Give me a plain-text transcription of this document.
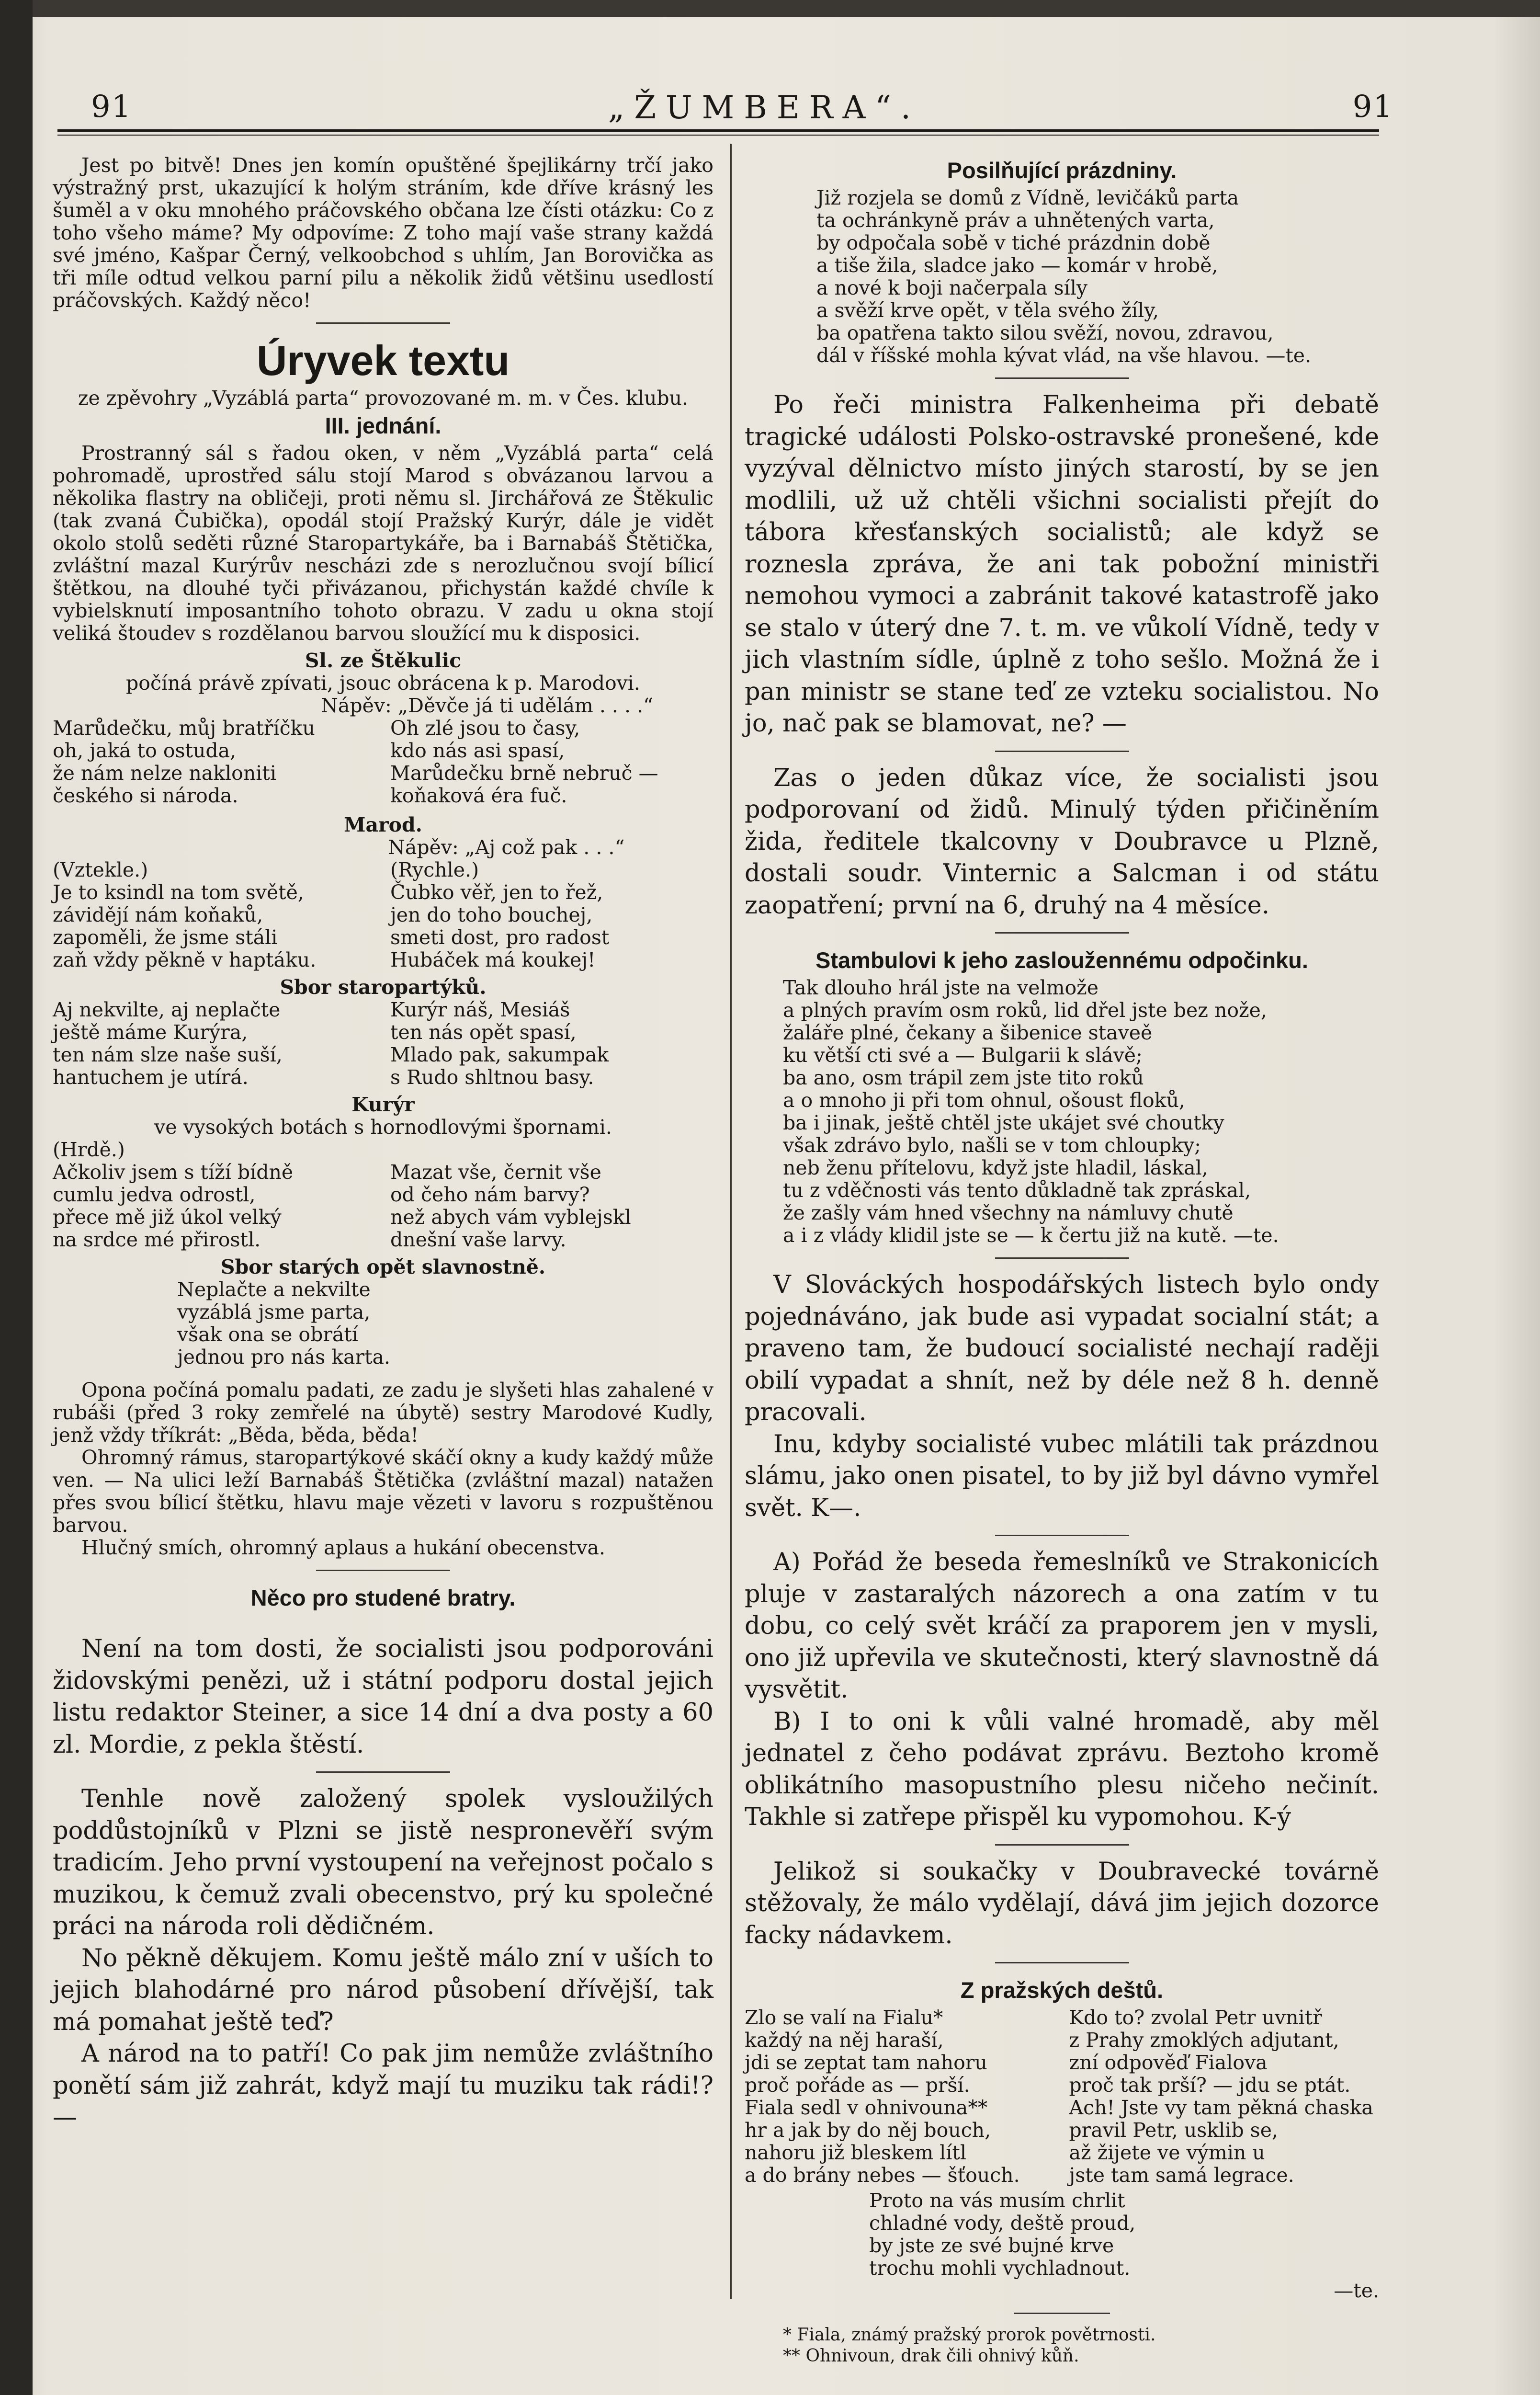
91	„ŽUMBERA“.	91

Jest po bitvě! Dnes jen komín opuštěné špejlikárny trčí jako výstražný prst, ukazující k holým stráním, kde dříve krásný les šuměl a v oku mnohého práčovského občana lze čísti otázku: Co z toho všeho máme? My odpovíme: Z toho mají vaše strany každá své jméno, Kašpar Černý, velkoobchod s uhlím, Jan Borovička as tři míle odtud velkou parní pilu a několik židů většinu usedlostí práčovských. Každý něco!

Úryvek textu

ze zpěvohry „Vyzáblá parta“ provozované m. m. v Čes. klubu.

III. jednání.

Prostranný sál s řadou oken, v něm „Vyzáblá parta“ celá pohromadě, uprostřed sálu stojí Marod s obvázanou larvou a několika flastry na obličeji, proti němu sl. Jirchářová ze Štěkulic (tak zvaná Čubička), opodál stojí Pražský Kurýr, dále je vidět okolo stolů seděti různé Staropartykáře, ba i Barnabáš Štětička, zvláštní mazal Kurýrův nescházi zde s nerozlučnou svojí bílicí štětkou, na dlouhé tyči přivázanou, přichystán každé chvíle k vybielsknutí imposantního tohoto obrazu. V zadu u okna stojí veliká štoudev s rozdělanou barvou sloužící mu k disposici.

Sl. ze Štěkulic

počíná právě zpívati, jsouc obrácena k p. Marodovi.

Nápěv: „Děvče já ti udělám . . . .“

Marůdečku, můj bratříčku

oh, jaká to ostuda,

že nám nelze nakloniti

českého si národa.

Oh zlé jsou to časy,

kdo nás asi spasí,

Marůdečku brně nebruč —

koňaková éra fuč.

Marod.

Nápěv: „Aj což pak . . .“

(Vztekle.)

Je to ksindl na tom světě,

závidějí nám koňaků,

zapoměli, že jsme stáli

zaň vždy pěkně v haptáku.

(Rychle.)

Čubko věř, jen to řež,

jen do toho bouchej,

smeti dost, pro radost

Hubáček má koukej!

Sbor staropartýků.

Aj nekvilte, aj neplačte

ještě máme Kurýra,

ten nám slze naše suší,

hantuchem je utírá.

Kurýr náš, Mesiáš

ten nás opět spasí,

Mlado pak, sakumpak

s Rudo shltnou basy.

Kurýr

ve vysokých botách s hornodlovými špornami.

(Hrdě.)

Ačkoliv jsem s tíží bídně

cumlu jedva odrostl,

přece mě již úkol velký

na srdce mé přirostl.

Mazat vše, černit vše

od čeho nám barvy?

než abych vám vyblejskl

dnešní vaše larvy.

Sbor starých opět slavnostně.

Neplačte a nekvilte

vyzáblá jsme parta,

však ona se obrátí

jednou pro nás karta.

Opona počíná pomalu padati, ze zadu je slyšeti hlas zahalené v rubáši (před 3 roky zemřelé na úbytě) sestry Marodové Kudly, jenž vždy tříkrát: „Běda, běda, běda!

Ohromný rámus, staropartýkové skáčí okny a kudy každý může ven. — Na ulici leží Barnabáš Štětička (zvláštní mazal) natažen přes svou bílicí štětku, hlavu maje vězeti v lavoru s rozpuštěnou barvou.

Hlučný smích, ohromný aplaus a hukání obecenstva.

Něco pro studené bratry.

Není na tom dosti, že socialisti jsou podporováni židovskými penězi, už i státní podporu dostal jejich listu redaktor Steiner, a sice 14 dní a dva posty a 60 zl. Mordie, z pekla štěstí.

Tenhle nově založený spolek vysloužilých poddůstojníků v Plzni se jistě nespronevěří svým tradicím. Jeho první vystoupení na veřejnost počalo s muzikou, k čemuž zvali obecenstvo, prý ku společné práci na národa roli dědičném.

No pěkně děkujem. Komu ještě málo zní v uších to jejich blahodárné pro národ působení dřívější, tak má pomahat ještě teď?

A národ na to patří! Co pak jim nemůže zvláštního ponětí sám již zahrát, když mají tu muziku tak rádi!? —

Posilňující prázdniny.

Již rozjela se domů z Vídně, levičáků parta

ta ochránkyně práv a uhnětených varta,

by odpočala sobě v tiché prázdnin době

a tiše žila, sladce jako — komár v hrobě,

a nové k boji načerpala síly

a svěží krve opět, v těla svého žíly,

ba opatřena takto silou svěží, novou, zdravou,

dál v říšské mohla kývat vlád, na vše hlavou. —te.

Po řeči ministra Falkenheima při debatě tragické události Polsko-ostravské pronešené, kde vyzýval dělnictvo místo jiných starostí, by se jen modlili, už už chtěli všichni socialisti přejít do tábora křesťanských socialistů; ale když se roznesla zpráva, že ani tak pobožní ministři nemohou vymoci a zabránit takové katastrofě jako se stalo v úterý dne 7. t. m. ve vůkolí Vídně, tedy v jich vlastním sídle, úplně z toho sešlo. Možná že i pan ministr se stane teď ze vzteku socialistou. No jo, nač pak se blamovat, ne? —

Zas o jeden důkaz více, že socialisti jsou podporovaní od židů. Minulý týden přičiněním žida, ředitele tkalcovny v Doubravce u Plzně, dostali soudr. Vinternic a Salcman i od státu zaopatření; první na 6, druhý na 4 měsíce.

Stambulovi k jeho zasloužennému odpočinku.

Tak dlouho hrál jste na velmože

a plných pravím osm roků, lid dřel jste bez nože,

žaláře plné, čekany a šibenice staveě

ku větší cti své a — Bulgarii k slávě;

ba ano, osm trápil zem jste tito roků

a o mnoho ji při tom ohnul, ošoust floků,

ba i jinak, ještě chtěl jste ukájet své choutky

však zdrávo bylo, našli se v tom chloupky;

neb ženu přítelovu, když jste hladil, láskal,

tu z vděčnosti vás tento důkladně tak zpráskal,

že zašly vám hned všechny na námluvy chutě

a i z vlády klidil jste se — k čertu již na kutě. —te.

V Slováckých hospodářských listech bylo ondy pojednáváno, jak bude asi vypadat socialní stát; a praveno tam, že budoucí socialisté nechají raději obilí vypadat a shnít, než by déle než 8 h. denně pracovali.

Inu, kdyby socialisté vubec mlátili tak prázdnou slámu, jako onen pisatel, to by již byl dávno vymřel svět. K—.

A) Pořád že beseda řemeslníků ve Strakonicích pluje v zastaralých názorech a ona zatím v tu dobu, co celý svět kráčí za praporem jen v mysli, ono již upřevila ve skutečnosti, který slavnostně dá vysvětit.

B) I to oni k vůli valné hromadě, aby měl jednatel z čeho podávat zprávu. Beztoho kromě oblikátního masopustního plesu ničeho nečinít. Takhle si zatřepe přispěl ku vypomohou. K-ý

Jelikož si soukačky v Doubravecké továrně stěžovaly, že málo vydělají, dává jim jejich dozorce facky nádavkem.

Z pražských deštů.

Zlo se valí na Fialu*

každý na něj haraší,

jdi se zeptat tam nahoru

proč pořáde as — prší.

Fiala sedl v ohnivouna**

hr a jak by do něj bouch,

nahoru již bleskem lítl

a do brány nebes — šťouch.

Kdo to? zvolal Petr uvnitř

z Prahy zmoklých adjutant,

zní odpověď Fialova

proč tak prší? — jdu se ptát.

Ach! Jste vy tam pěkná chaska

pravil Petr, usklib se,

až žijete ve výmin u

jste tam samá legrace.

Proto na vás musím chrlit

chladné vody, deště proud,

by jste ze své bujné krve

trochu mohli vychladnout.

—te.

* Fiala, známý pražský prorok povětrnosti.

** Ohnivoun, drak čili ohnivý kůň.
